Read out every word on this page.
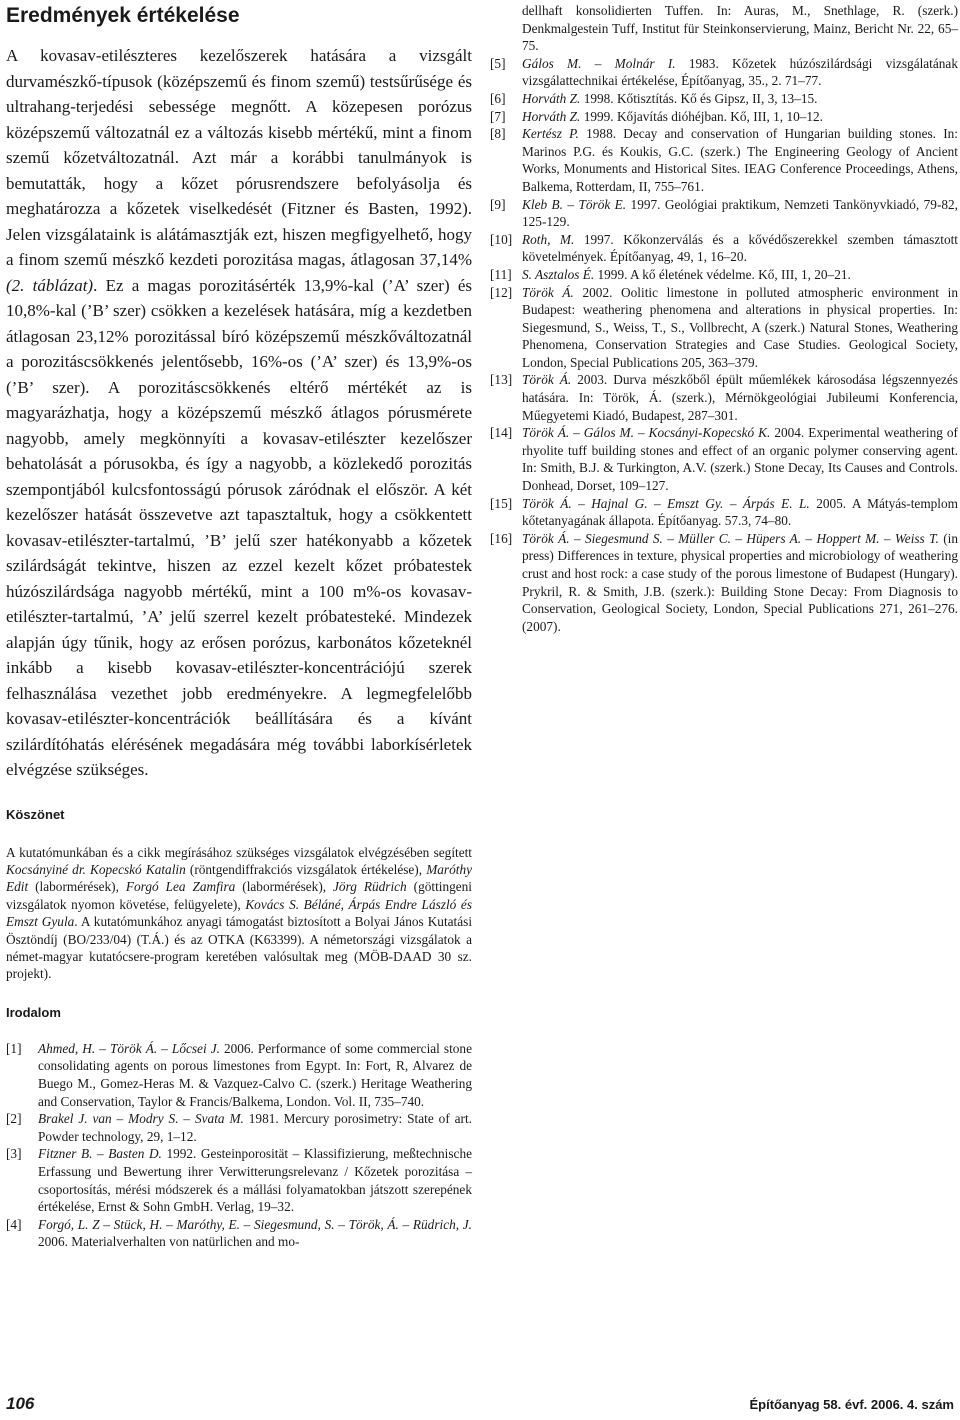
Eredmények értékelése
A kovasav-etilészteres kezelőszerek hatására a vizsgált durvamészkő-típusok (középszemű és finom szemű) testsűrűsége és ultrahang-terjedési sebessége megnőtt. A közepesen porózus középszemű változatnál ez a változás kisebb mértékű, mint a finom szemű kőzetváltozatnál. Azt már a korábbi tanulmányok is bemutatták, hogy a kőzet pórusrendszere befolyásolja és meghatározza a kőzetek viselkedését (Fitzner és Basten, 1992). Jelen vizsgálataink is alátámasztják ezt, hiszen megfigyelhető, hogy a finom szemű mészkő kezdeti porozitása magas, átlagosan 37,14% (2. táblázat). Ez a magas porozitásérték 13,9%-kal (’A’ szer) és 10,8%-kal (’B’ szer) csökken a kezelések hatására, míg a kezdetben átlagosan 23,12% porozitással bíró középszemű mészkőváltozatnál a porozitáscsökkenés jelentősebb, 16%-os (’A’ szer) és 13,9%-os (’B’ szer). A porozitáscsökkenés eltérő mértékét az is magyarázhatja, hogy a középszemű mészkő átlagos pórusmérete nagyobb, amely megkönnyíti a kovasav-etilészter kezelőszer behatolását a pórusokba, és így a nagyobb, a közlekedő porozitás szempontjából kulcsfontosságú pórusok záródnak el először. A két kezelőszer hatását összevetve azt tapasztaltuk, hogy a csökkentett kovasav-etilészter-tartalmú, ’B’ jelű szer hatékonyabb a kőzetek szilárdságát tekintve, hiszen az ezzel kezelt kőzet próbatestek húzószilárdsága nagyobb mértékű, mint a 100 m%-os kovasav-etilészter-tartalmú, ’A’ jelű szerrel kezelt próbatesteké. Mindezek alapján úgy tűnik, hogy az erősen porózus, karbonátos kőzeteknél inkább a kisebb kovasav-etilészter-koncentrációjú szerek felhasználása vezethet jobb eredményekre. A legmegfelelőbb kovasav-etilészter-koncentrációk beállítására és a kívánt szilárdítóhatás elérésének megadására még további laborkísérletek elvégzése szükséges.
Köszönet
A kutatómunkában és a cikk megírásához szükséges vizsgálatok elvégzésében segített Kocsányiné dr. Kopecskó Katalin (röntgendiffrakciós vizsgálatok értékelése), Maróthy Edit (labormérések), Forgó Lea Zamfira (labormérések), Jörg Rüdrich (göttingeni vizsgálatok nyomon követése, felügyelete), Kovács S. Béláné, Árpás Endre László és Emszt Gyula. A kutatómunkához anyagi támogatást biztosított a Bolyai János Kutatási Ösztöndíj (BO/233/04) (T.Á.) és az OTKA (K63399). A németországi vizsgálatok a német-magyar kutatócsere-program keretében valósultak meg (MÖB-DAAD 30 sz. projekt).
Irodalom
[1]	Ahmed, H. – Török Á. – Lőcsei J. 2006. Performance of some commercial stone consolidating agents on porous limestones from Egypt. In: Fort, R, Alvarez de Buego M., Gomez-Heras M. & Vazquez-Calvo C. (szerk.) Heritage Weathering and Conservation, Taylor & Francis/Balkema, London. Vol. II, 735–740.
[2]	Brakel J. van – Modry S. – Svata M. 1981. Mercury porosimetry: State of art. Powder technology, 29, 1–12.
[3]	Fitzner B. – Basten D. 1992. Gesteinporosität – Klassifizierung, meßtechnische Erfassung und Bewertung ihrer Verwitterungsrelevanz / Kőzetek porozitása – csoportosítás, mérési módszerek és a mállási folyamatokban játszott szerepének értékelése, Ernst & Sohn GmbH. Verlag, 19–32.
[4]	Forgó, L. Z – Stück, H. – Maróthy, E. – Siegesmund, S. – Török, Á. – Rüdrich, J. 2006. Materialverhalten von natürlichen and mo-
dellhaft konsolidierten Tuffen. In: Auras, M., Snethlage, R. (szerk.) Denkmalgestein Tuff, Institut für Steinkonservierung, Mainz, Bericht Nr. 22, 65–75.
[5]	Gálos M. – Molnár I. 1983. Kőzetek húzószilárdsági vizsgálatának vizsgálattechnikai értékelése, Építőanyag, 35., 2. 71–77.
[6]	Horváth Z. 1998. Kőtisztítás. Kő és Gipsz, II, 3, 13–15.
[7]	Horváth Z. 1999. Kőjavítás dióhéjban. Kő, III, 1, 10–12.
[8]	Kertész P. 1988. Decay and conservation of Hungarian building stones. In: Marinos P.G. és Koukis, G.C. (szerk.) The Engineering Geology of Ancient Works, Monuments and Historical Sites. IEAG Conference Proceedings, Athens, Balkema, Rotterdam, II, 755–761.
[9]	Kleb B. – Török E. 1997. Geológiai praktikum, Nemzeti Tankönyvkiadó, 79-82, 125-129.
[10] Roth, M. 1997. Kőkonzerválás és a kővédőszerekkel szemben támasztott követelmények. Építőanyag, 49, 1, 16–20.
[11] S. Asztalos É. 1999. A kő életének védelme. Kő, III, 1, 20–21.
[12] Török Á. 2002. Oolitic limestone in polluted atmospheric environment in Budapest: weathering phenomena and alterations in physical properties. In: Siegesmund, S., Weiss, T., S., Vollbrecht, A (szerk.) Natural Stones, Weathering Phenomena, Conservation Strategies and Case Studies. Geological Society, London, Special Publications 205, 363–379.
[13] Török Á. 2003. Durva mészkőből épült műemlékek károsodása légszennyezés hatására. In: Török, Á. (szerk.), Mérnökgeológiai Jubileumi Konferencia, Műegyetemi Kiadó, Budapest, 287–301.
[14] Török Á. – Gálos M. – Kocsányi-Kopecskó K. 2004. Experimental weathering of rhyolite tuff building stones and effect of an organic polymer conserving agent. In: Smith, B.J. & Turkington, A.V. (szerk.) Stone Decay, Its Causes and Controls. Donhead, Dorset, 109–127.
[15] Török Á. – Hajnal G. – Emszt Gy. – Árpás E. L. 2005. A Mátyás-templom kőtetanyagának állapota. Építőanyag. 57.3, 74–80.
[16] Török Á. – Siegesmund S. – Müller C. – Hüpers A. – Hoppert M. – Weiss T. (in press) Differences in texture, physical properties and microbiology of weathering crust and host rock: a case study of the porous limestone of Budapest (Hungary). Prykril, R. & Smith, J.B. (szerk.): Building Stone Decay: From Diagnosis to Conservation, Geological Society, London, Special Publications 271, 261–276. (2007).
106	Építőanyag 58. évf. 2006. 4. szám
